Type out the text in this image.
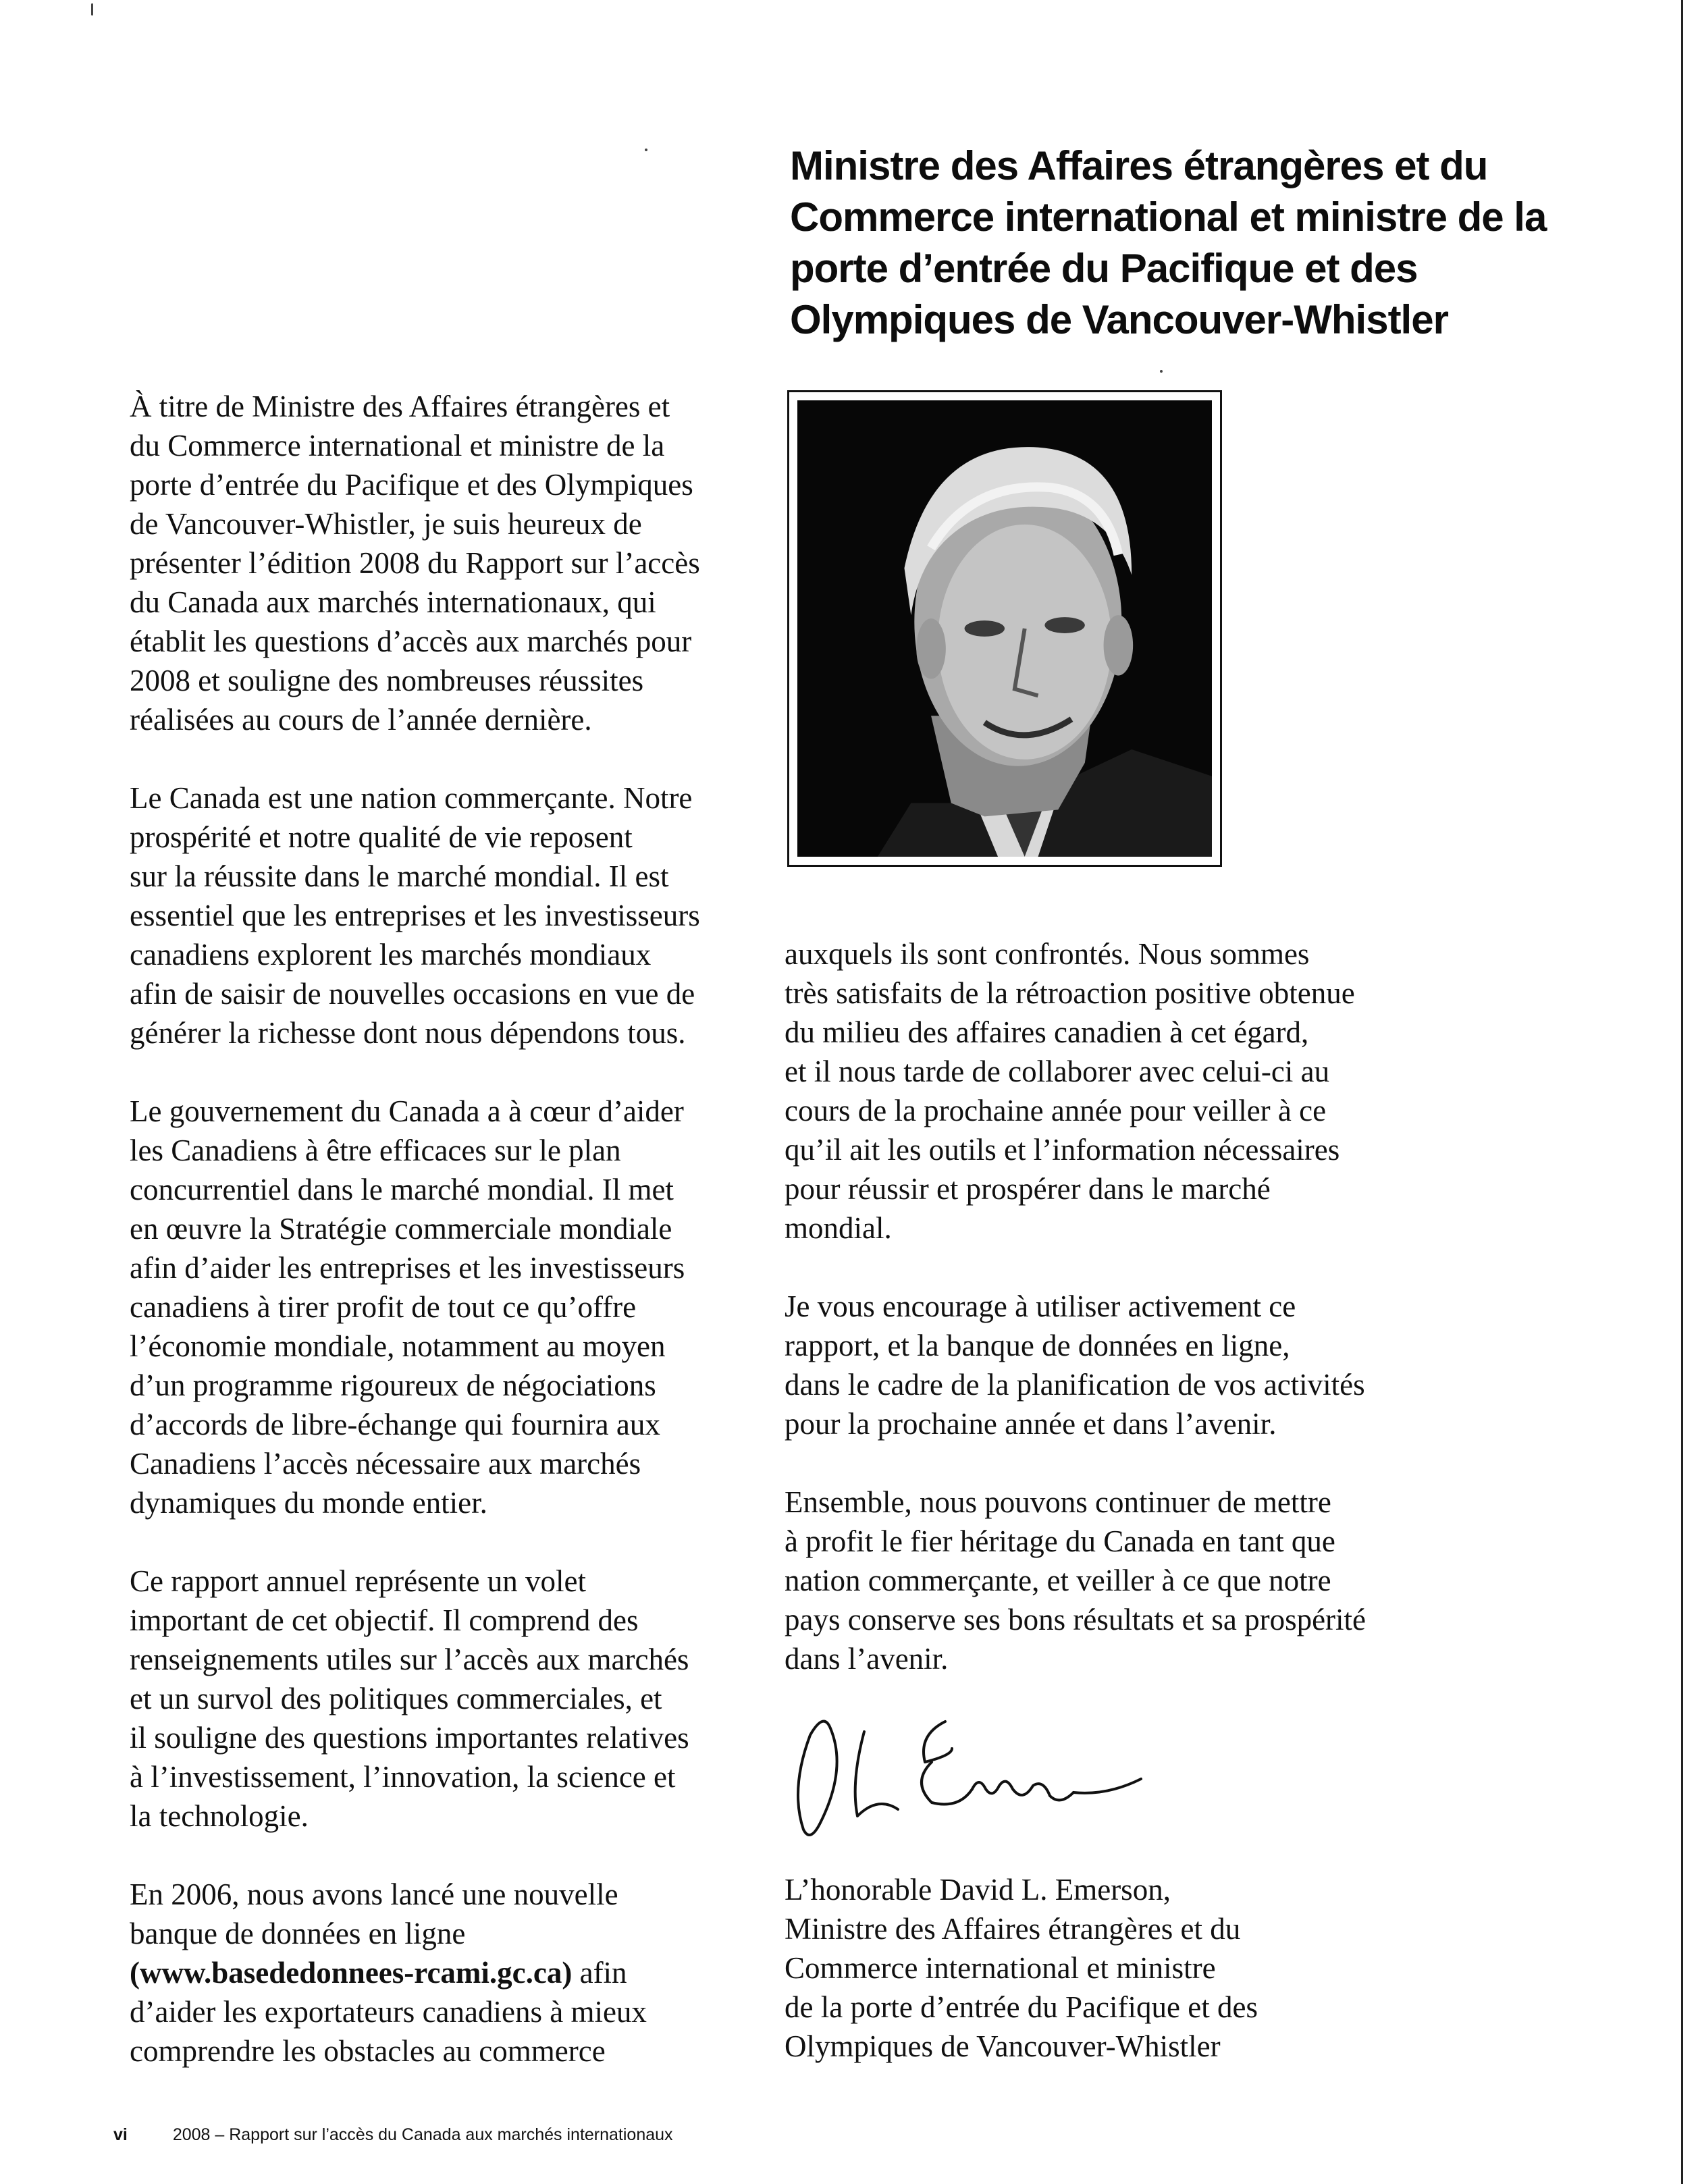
Ministre des Affaires étrangères et du Commerce international et ministre de la porte d’entrée du Pacifique et des Olympiques de Vancouver-Whistler

À titre de Ministre des Affaires étrangères et
du Commerce international et ministre de la
porte d’entrée du Pacifique et des Olympiques
de Vancouver-Whistler, je suis heureux de
présenter l’édition 2008 du Rapport sur l’accès
du Canada aux marchés internationaux, qui
établit les questions d’accès aux marchés pour
2008 et souligne des nombreuses réussites
réalisées au cours de l’année dernière.

Le Canada est une nation commerçante. Notre
prospérité et notre qualité de vie reposent
sur la réussite dans le marché mondial. Il est
essentiel que les entreprises et les investisseurs
canadiens explorent les marchés mondiaux
afin de saisir de nouvelles occasions en vue de
générer la richesse dont nous dépendons tous.

Le gouvernement du Canada a à cœur d’aider
les Canadiens à être efficaces sur le plan
concurrentiel dans le marché mondial. Il met
en œuvre la Stratégie commerciale mondiale
afin d’aider les entreprises et les investisseurs
canadiens à tirer profit de tout ce qu’offre
l’économie mondiale, notamment au moyen
d’un programme rigoureux de négociations
d’accords de libre-échange qui fournira aux
Canadiens l’accès nécessaire aux marchés
dynamiques du monde entier.

Ce rapport annuel représente un volet
important de cet objectif. Il comprend des
renseignements utiles sur l’accès aux marchés
et un survol des politiques commerciales, et
il souligne des questions importantes relatives
à l’investissement, l’innovation, la science et
la technologie.

En 2006, nous avons lancé une nouvelle
banque de données en ligne
(www.basededonnees-rcami.gc.ca) afin
d’aider les exportateurs canadiens à mieux
comprendre les obstacles au commerce

auxquels ils sont confrontés. Nous sommes
très satisfaits de la rétroaction positive obtenue
du milieu des affaires canadien à cet égard,
et il nous tarde de collaborer avec celui-ci au
cours de la prochaine année pour veiller à ce
qu’il ait les outils et l’information nécessaires
pour réussir et prospérer dans le marché
mondial.

Je vous encourage à utiliser activement ce
rapport, et la banque de données en ligne,
dans le cadre de la planification de vos activités
pour la prochaine année et dans l’avenir.

Ensemble, nous pouvons continuer de mettre
à profit le fier héritage du Canada en tant que
nation commerçante, et veiller à ce que notre
pays conserve ses bons résultats et sa prospérité
dans l’avenir.

L’honorable David L. Emerson,
Ministre des Affaires étrangères et du
Commerce international et ministre
de la porte d’entrée du Pacifique et des
Olympiques de Vancouver-Whistler

vi	2008 – Rapport sur l’accès du Canada aux marchés internationaux
